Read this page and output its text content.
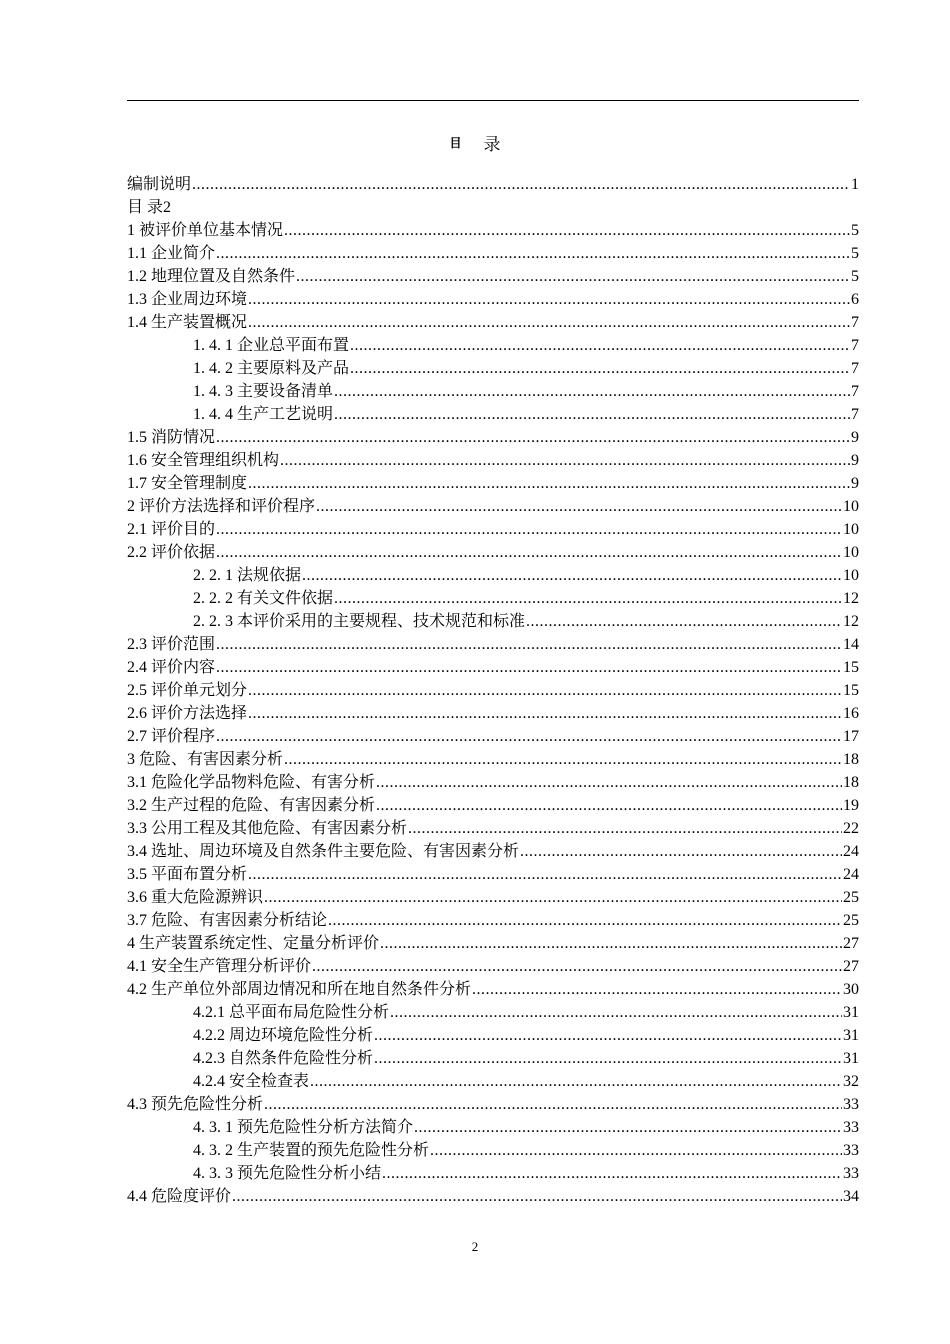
目 录
编制说明 .....	1
目 录2
1 被评价单位基本情况 .....	5
1.1 企业简介 .....	5
1.2 地理位置及自然条件 .....	5
1.3 企业周边环境 .....	6
1.4 生产装置概况 .....	7
1. 4. 1 企业总平面布置 .....	7
1. 4. 2 主要原料及产品 .....	7
1. 4. 3 主要设备清单 .....	7
1. 4. 4 生产工艺说明 .....	7
1.5 消防情况 .....	9
1.6 安全管理组织机构 .....	9
1.7 安全管理制度 .....	9
2 评价方法选择和评价程序 .....	10
2.1 评价目的 .....	10
2.2 评价依据 .....	10
2. 2. 1 法规依据 .....	10
2. 2. 2 有关文件依据 .....	12
2. 2. 3 本评价采用的主要规程、技术规范和标准 .....	12
2.3 评价范围 .....	14
2.4 评价内容 .....	15
2.5 评价单元划分 .....	15
2.6 评价方法选择 .....	16
2.7 评价程序 .....	17
3 危险、有害因素分析 .....	18
3.1 危险化学品物料危险、有害分析 .....	18
3.2 生产过程的危险、有害因素分析 .....	19
3.3 公用工程及其他危险、有害因素分析 .....	22
3.4 选址、周边环境及自然条件主要危险、有害因素分析 .....	24
3.5 平面布置分析 .....	24
3.6 重大危险源辨识 .....	25
3.7 危险、有害因素分析结论 .....	25
4 生产装置系统定性、定量分析评价 .....	27
4.1 安全生产管理分析评价 .....	27
4.2 生产单位外部周边情况和所在地自然条件分析 .....	30
4.2.1 总平面布局危险性分析 .....	31
4.2.2 周边环境危险性分析 .....	31
4.2.3 自然条件危险性分析 .....	31
4.2.4 安全检查表 .....	32
4.3 预先危险性分析 .....	33
4. 3. 1 预先危险性分析方法简介 .....	33
4. 3. 2 生产装置的预先危险性分析 .....	33
4. 3. 3 预先危险性分析小结 .....	33
4.4 危险度评价 .....	34
2
